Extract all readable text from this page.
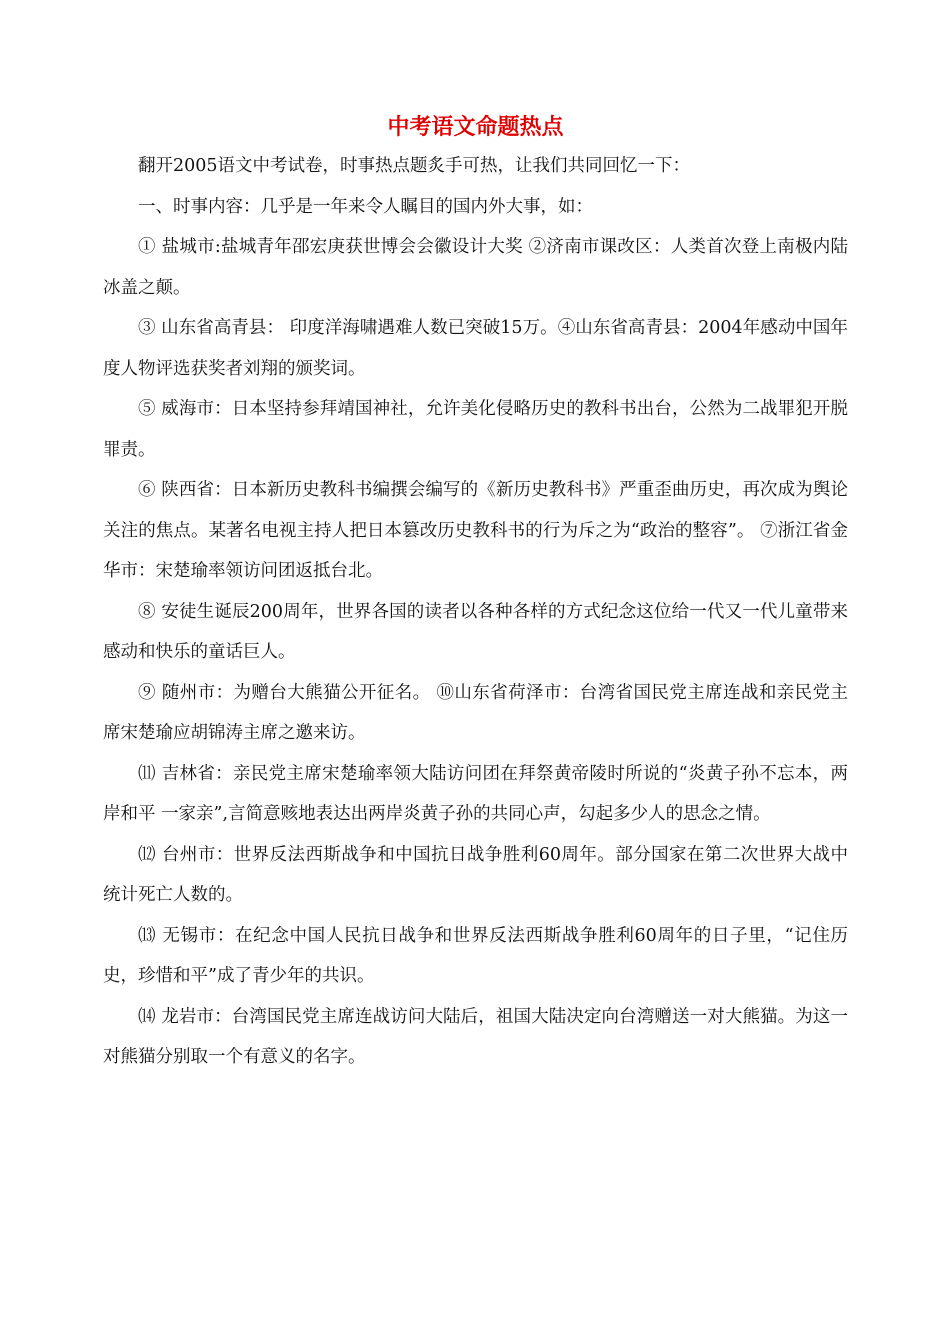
中考语文命题热点

翻开2005语文中考试卷，时事热点题炙手可热，让我们共同回忆一下：

一、时事内容：几乎是一年来令人瞩目的国内外大事，如：

① 盐城市:盐城青年邵宏庚获世博会会徽设计大奖 ②济南市课改区：人类首次登上南极内陆冰盖之颠。

③ 山东省高青县： 印度洋海啸遇难人数已突破15万。④山东省高青县：2004年感动中国年度人物评选获奖者刘翔的颁奖词。

⑤ 威海市：日本坚持参拜靖国神社，允许美化侵略历史的教科书出台，公然为二战罪犯开脱罪责。

⑥ 陕西省：日本新历史教科书编撰会编写的《新历史教科书》严重歪曲历史，再次成为舆论关注的焦点。某著名电视主持人把日本篡改历史教科书的行为斥之为“政治的整容”。 ⑦浙江省金华市：宋楚瑜率领访问团返抵台北。

⑧ 安徒生诞辰200周年，世界各国的读者以各种各样的方式纪念这位给一代又一代儿童带来感动和快乐的童话巨人。

⑨ 随州市：为赠台大熊猫公开征名。 ⑩山东省荷泽市：台湾省国民党主席连战和亲民党主席宋楚瑜应胡锦涛主席之邀来访。

⑾ 吉林省：亲民党主席宋楚瑜率领大陆访问团在拜祭黄帝陵时所说的“炎黄子孙不忘本，两岸和平 一家亲”,言简意赅地表达出两岸炎黄子孙的共同心声，勾起多少人的思念之情。

⑿ 台州市：世界反法西斯战争和中国抗日战争胜利60周年。部分国家在第二次世界大战中统计死亡人数的。

⒀ 无锡市：在纪念中国人民抗日战争和世界反法西斯战争胜利60周年的日子里，“记住历史，珍惜和平”成了青少年的共识。

⒁ 龙岩市：台湾国民党主席连战访问大陆后，祖国大陆决定向台湾赠送一对大熊猫。为这一对熊猫分别取一个有意义的名字。
